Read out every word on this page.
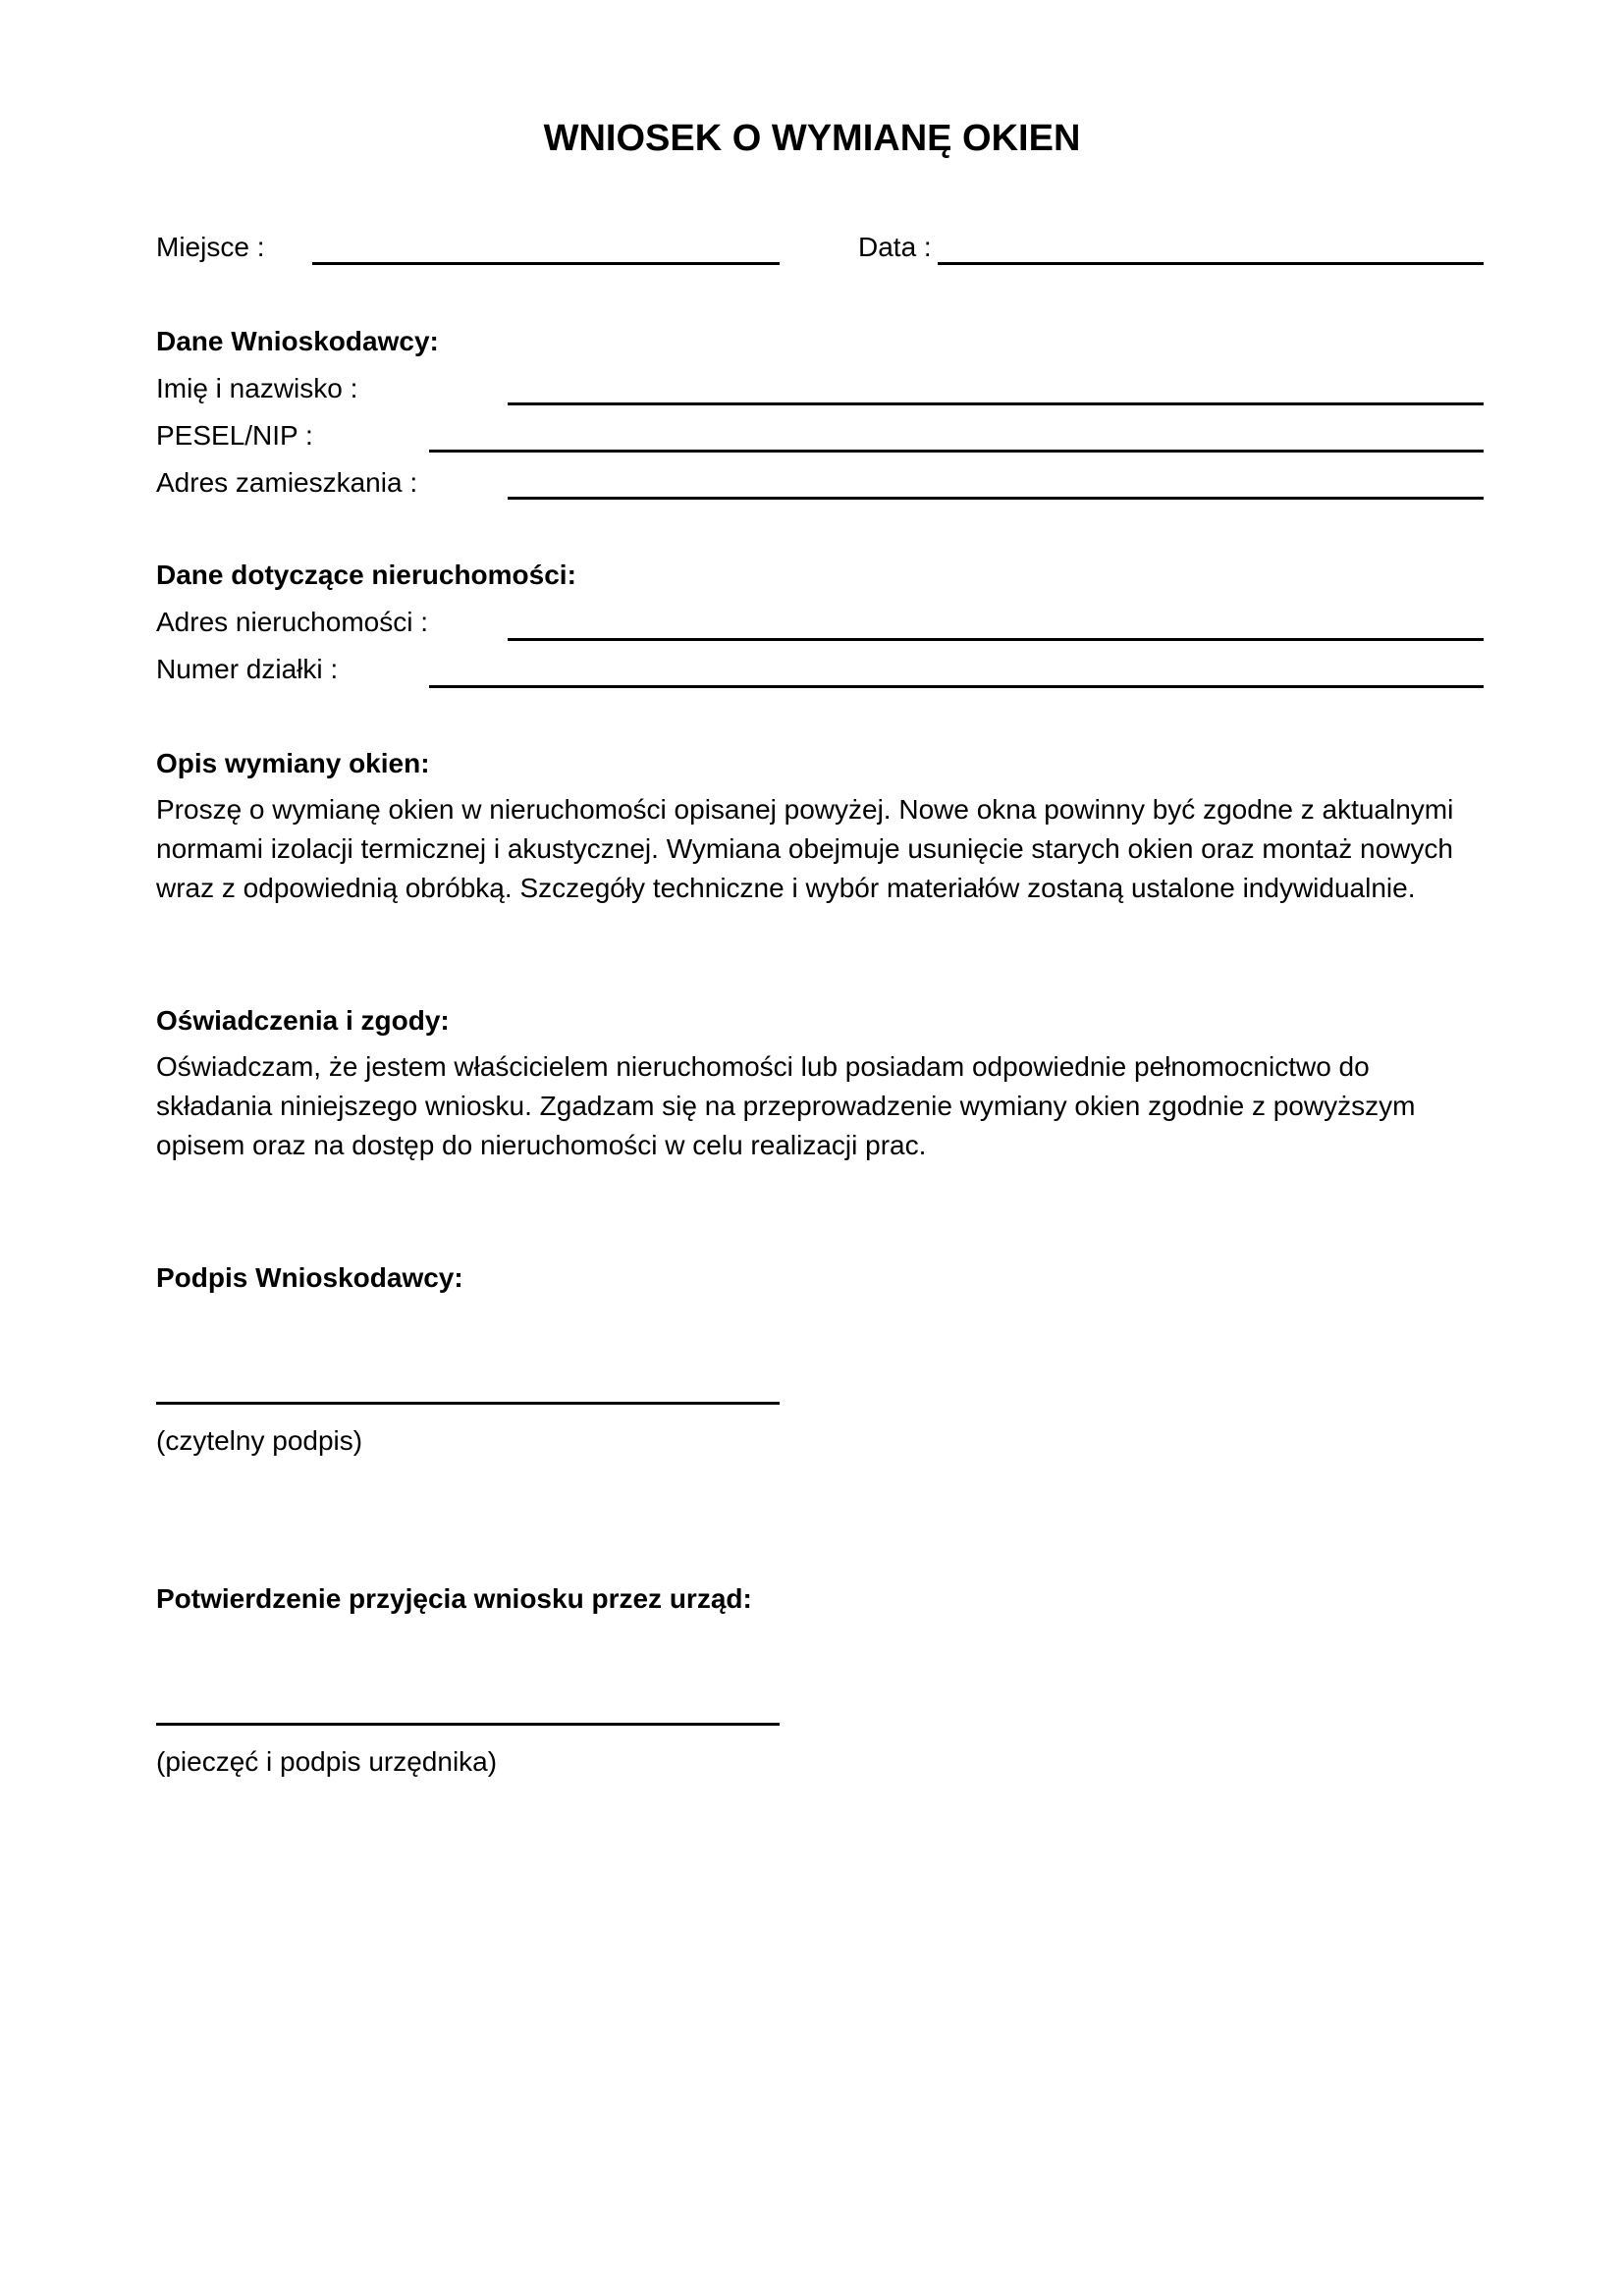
WNIOSEK O WYMIANĘ OKIEN
Miejsce :	Data :
Dane Wnioskodawcy:
Imię i nazwisko :
PESEL/NIP :
Adres zamieszkania :
Dane dotyczące nieruchomości:
Adres nieruchomości :
Numer działki :
Opis wymiany okien:
Proszę o wymianę okien w nieruchomości opisanej powyżej. Nowe okna powinny być zgodne z aktualnymi
normami izolacji termicznej i akustycznej. Wymiana obejmuje usunięcie starych okien oraz montaż nowych
wraz z odpowiednią obróbką. Szczegóły techniczne i wybór materiałów zostaną ustalone indywidualnie.
Oświadczenia i zgody:
Oświadczam, że jestem właścicielem nieruchomości lub posiadam odpowiednie pełnomocnictwo do
składania niniejszego wniosku. Zgadzam się na przeprowadzenie wymiany okien zgodnie z powyższym
opisem oraz na dostęp do nieruchomości w celu realizacji prac.
Podpis Wnioskodawcy:
(czytelny podpis)
Potwierdzenie przyjęcia wniosku przez urząd:
(pieczęć i podpis urzędnika)
